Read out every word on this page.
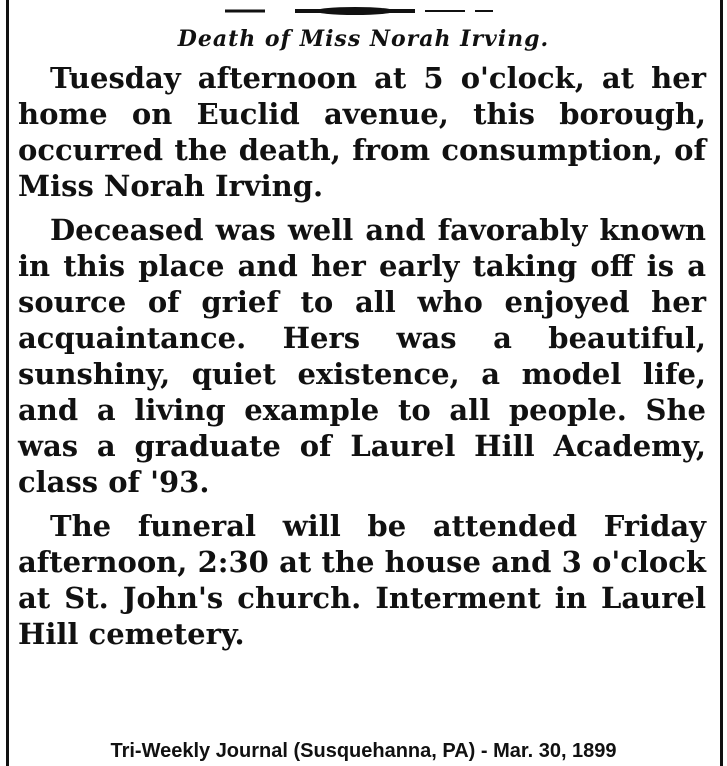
Death of Miss Norah Irving.

Tuesday afternoon at 5 o'clock, at her home on Euclid avenue, this borough, occurred the death, from consumption, of Miss Norah Irving.

Deceased was well and favorably known in this place and her early taking off is a source of grief to all who enjoyed her acquaintance. Hers was a beautiful, sunshiny, quiet existence, a model life, and a living example to all people. She was a graduate of Laurel Hill Academy, class of '93.

The funeral will be attended Friday afternoon, 2:30 at the house and 3 o'clock at St. John's church. Interment in Laurel Hill cemetery.

Tri-Weekly Journal (Susquehanna, PA) - Mar. 30, 1899
